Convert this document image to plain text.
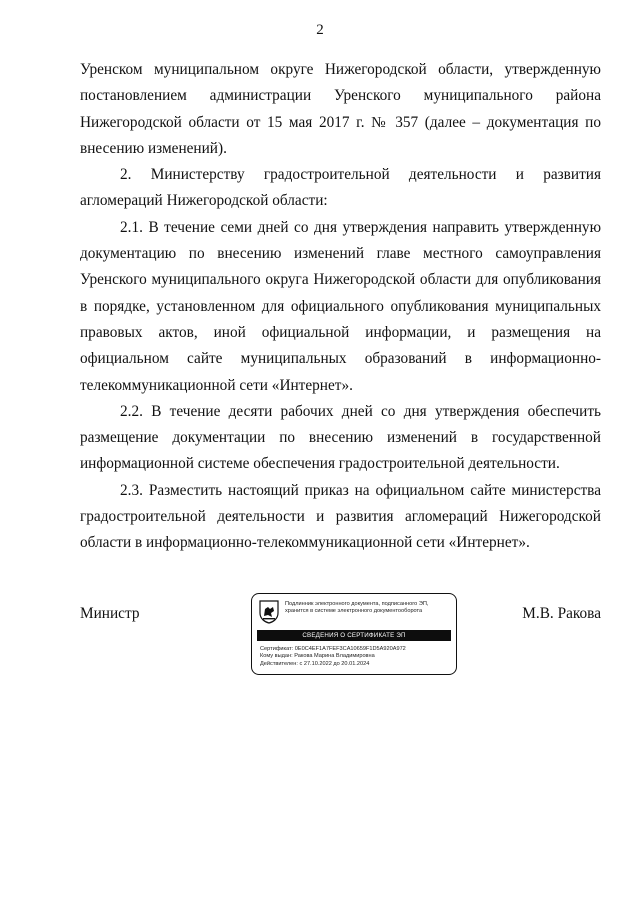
2

Уренском муниципальном округе Нижегородской области, утвержденную постановлением администрации Уренского муниципального района Нижегородской области от 15 мая 2017 г. № 357 (далее – документация по внесению изменений).

2. Министерству градостроительной деятельности и развития агломераций Нижегородской области:

2.1. В течение семи дней со дня утверждения направить утвержденную документацию по внесению изменений главе местного самоуправления Уренского муниципального округа Нижегородской области для опубликования в порядке, установленном для официального опубликования муниципальных правовых актов, иной официальной информации, и размещения на официальном сайте муниципальных образований в информационно-телекоммуникационной сети «Интернет».

2.2. В течение десяти рабочих дней со дня утверждения обеспечить размещение документации по внесению изменений в государственной информационной системе обеспечения градостроительной деятельности.

2.3. Разместить настоящий приказ на официальном сайте министерства градостроительной деятельности и развития агломераций Нижегородской области в информационно-телекоммуникационной сети «Интернет».

Министр
Подлинник электронного документа, подписанного ЭП,
хранится в системе электронного документооборота
СВЕДЕНИЯ О СЕРТИФИКАТЕ ЭП
Сертификат: 0E0C4EF1A7FEF3CA10659F1D5A920A972
Кому выдан: Ракова Марина Владимировна
Действителен: с 27.10.2022 до 20.01.2024
М.В. Ракова
